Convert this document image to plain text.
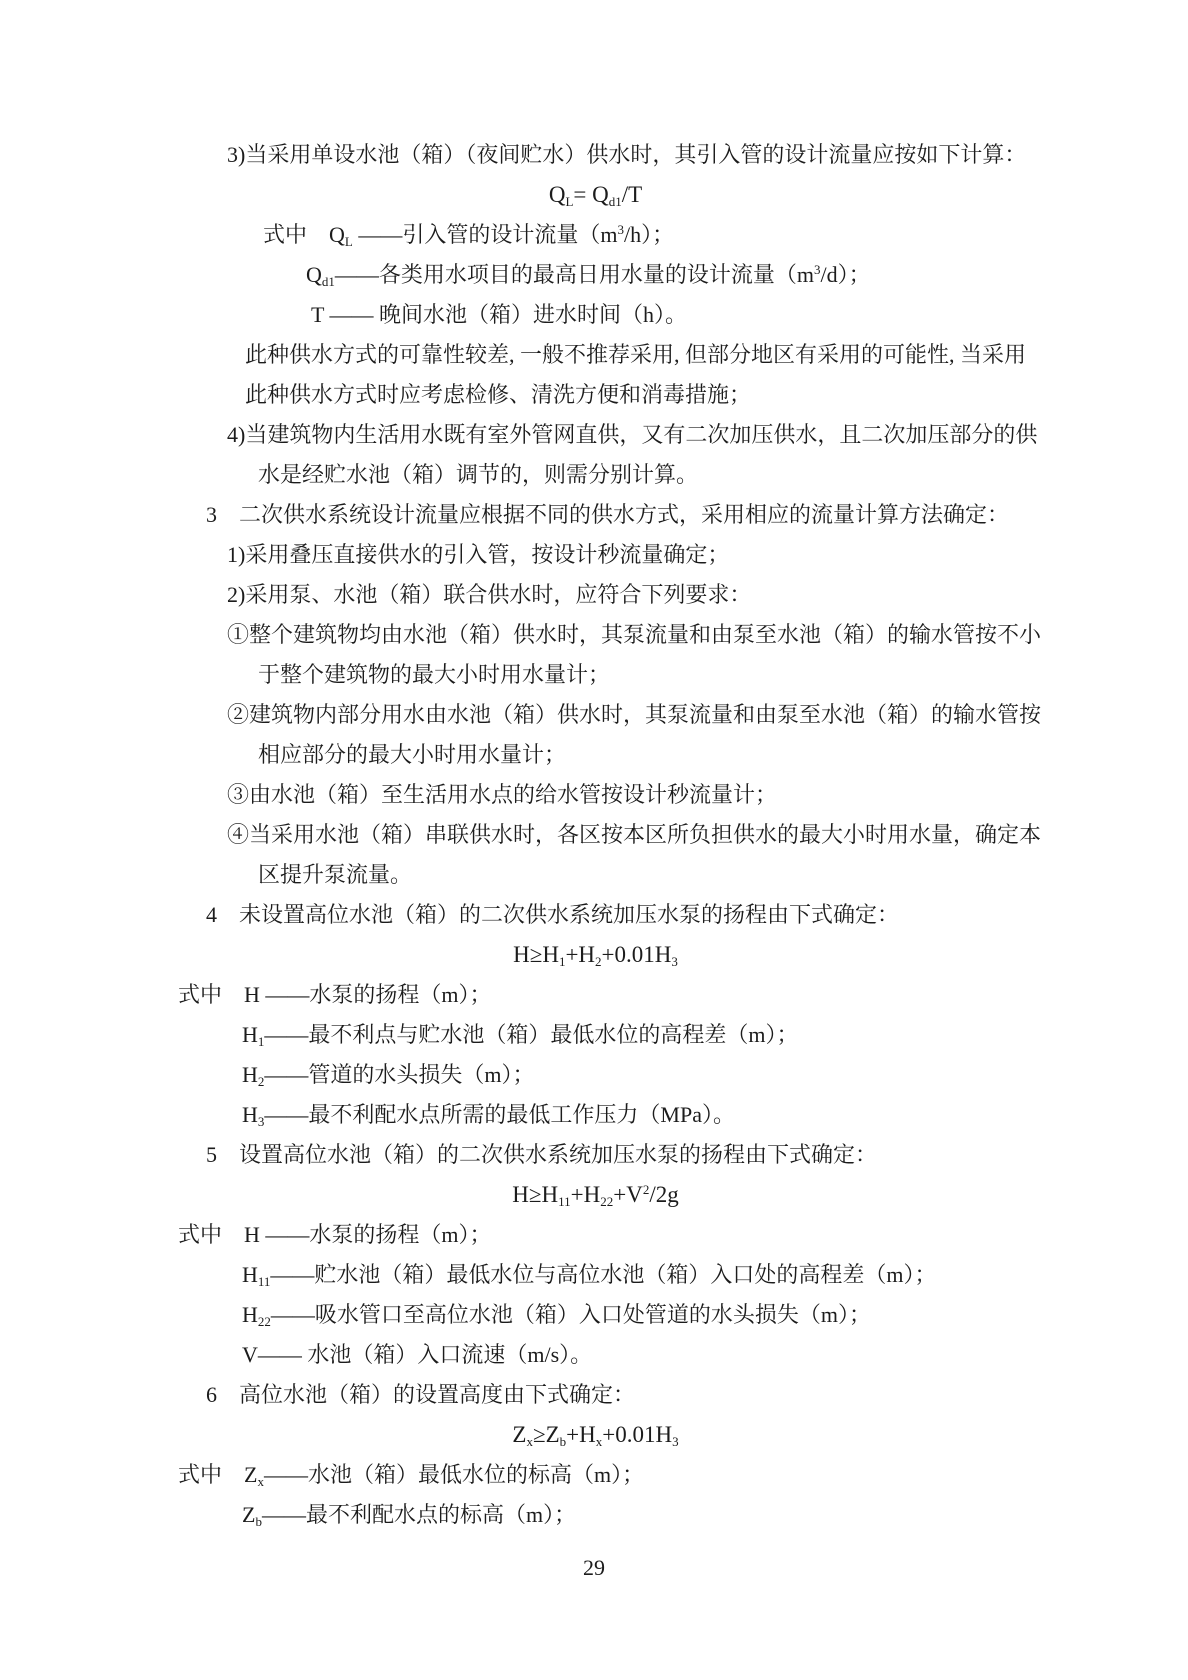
3)当采用单设水池（箱）（夜间贮水）供水时，其引入管的设计流量应按如下计算：
$Q_L= Q_{d1}/T$
式中　$Q_L$ ——引入管的设计流量$(m^3/h)$；
$Q_{d1}——$各类用水项目的最高日用水量的设计流量$(m^3/d)$；
T —— 晚间水池（箱）进水时间（h）。
此种供水方式的可靠性较差, 一般不推荐采用, 但部分地区有采用的可能性, 当采用
此种供水方式时应考虑检修、清洗方便和消毒措施；
4)当建筑物内生活用水既有室外管网直供，又有二次加压供水，且二次加压部分的供
水是经贮水池（箱）调节的，则需分别计算。
3　二次供水系统设计流量应根据不同的供水方式，采用相应的流量计算方法确定：
1)采用叠压直接供水的引入管，按设计秒流量确定；
2)采用泵、水池（箱）联合供水时，应符合下列要求：
①整个建筑物均由水池（箱）供水时，其泵流量和由泵至水池（箱）的输水管按不小
于整个建筑物的最大小时用水量计；
②建筑物内部分用水由水池（箱）供水时，其泵流量和由泵至水池（箱）的输水管按
相应部分的最大小时用水量计；
③由水池（箱）至生活用水点的给水管按设计秒流量计；
④当采用水池（箱）串联供水时，各区按本区所负担供水的最大小时用水量，确定本
区提升泵流量。
4　未设置高位水池（箱）的二次供水系统加压水泵的扬程由下式确定：
$H\ge H_1+H_2+0.01H_3$
式中　H ——水泵的扬程（m）；
$H_1——$最不利点与贮水池（箱）最低水位的高程差（m）；
$H_2——$管道的水头损失（m）；
$H_3——$最不利配水点所需的最低工作压力（MPa）。
5　设置高位水池（箱）的二次供水系统加压水泵的扬程由下式确定：
$H\ge H_{11}+H_{22}+V^2/2g$
式中　H ——水泵的扬程（m）；
$H_{11}——$贮水池（箱）最低水位与高位水池（箱）入口处的高程差（m）；
$H_{22}——$吸水管口至高位水池（箱）入口处管道的水头损失（m）；
V—— 水池（箱）入口流速（m/s）。
6　高位水池（箱）的设置高度由下式确定：
$Z_x\ge Z_b+H_x+0.01H_3$
式中　$Z_x——$水池（箱）最低水位的标高（m）；
$Z_b——$最不利配水点的标高（m）；
29
